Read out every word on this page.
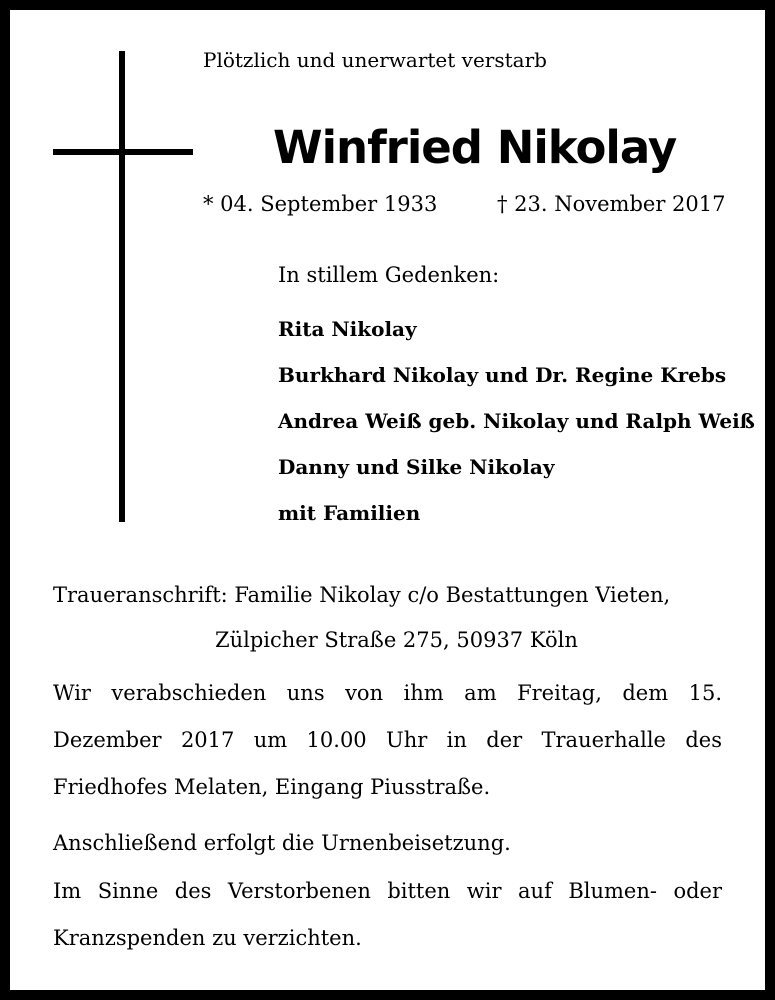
Plötzlich und unerwartet verstarb
Winfried Nikolay
* 04. September 1933	† 23. November 2017
In stillem Gedenken:
Rita Nikolay
Burkhard Nikolay und Dr. Regine Krebs
Andrea Weiß geb. Nikolay und Ralph Weiß
Danny und Silke Nikolay
mit Familien
Traueranschrift: Familie Nikolay c/o Bestattungen Vieten,
Zülpicher Straße 275, 50937 Köln

Wir verabschieden uns von ihm am Freitag, dem 15. Dezember 2017 um 10.00 Uhr in der Trauerhalle des Friedhofes Melaten, Eingang Piusstraße.

Anschließend erfolgt die Urnenbeisetzung.

Im Sinne des Verstorbenen bitten wir auf Blumen- oder Kranzspenden zu verzichten.
